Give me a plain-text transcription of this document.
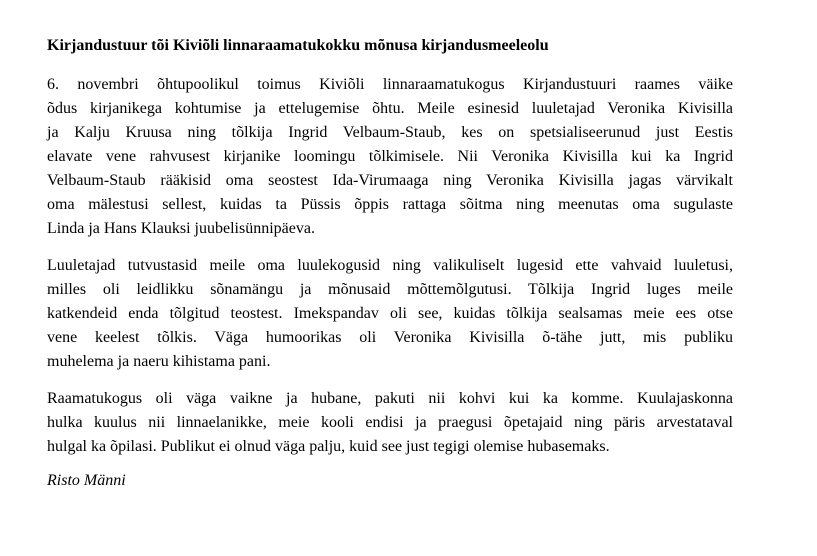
Kirjandustuur tõi Kiviõli linnaraamatukokku mõnusa kirjandusmeeleolu
6. novembri õhtupoolikul toimus Kiviõli linnaraamatukogus Kirjandustuuri raames väike
õdus kirjanikega kohtumise ja ettelugemise õhtu. Meile esinesid luuletajad Veronika Kivisilla
ja Kalju Kruusa ning tõlkija Ingrid Velbaum-Staub, kes on spetsialiseerunud just Eestis
elavate vene rahvusest kirjanike loomingu tõlkimisele. Nii Veronika Kivisilla kui ka Ingrid
Velbaum-Staub rääkisid oma seostest Ida-Virumaaga ning Veronika Kivisilla jagas värvikalt
oma mälestusi sellest, kuidas ta Püssis õppis rattaga sõitma ning meenutas oma sugulaste
Linda ja Hans Klauksi juubelisünnipäeva.
Luuletajad tutvustasid meile oma luulekogusid ning valikuliselt lugesid ette vahvaid luuletusi,
milles oli leidlikku sõnamängu ja mõnusaid mõttemõlgutusi. Tõlkija Ingrid luges meile
katkendeid enda tõlgitud teostest. Imekspandav oli see, kuidas tõlkija sealsamas meie ees otse
vene keelest tõlkis. Väga humoorikas oli Veronika Kivisilla õ-tähe jutt, mis publiku
muhelema ja naeru kihistama pani.
Raamatukogus oli väga vaikne ja hubane, pakuti nii kohvi kui ka komme. Kuulajaskonna
hulka kuulus nii linnaelanikke, meie kooli endisi ja praegusi õpetajaid ning päris arvestataval
hulgal ka õpilasi. Publikut ei olnud väga palju, kuid see just tegigi olemise hubasemaks.
Risto Männi
